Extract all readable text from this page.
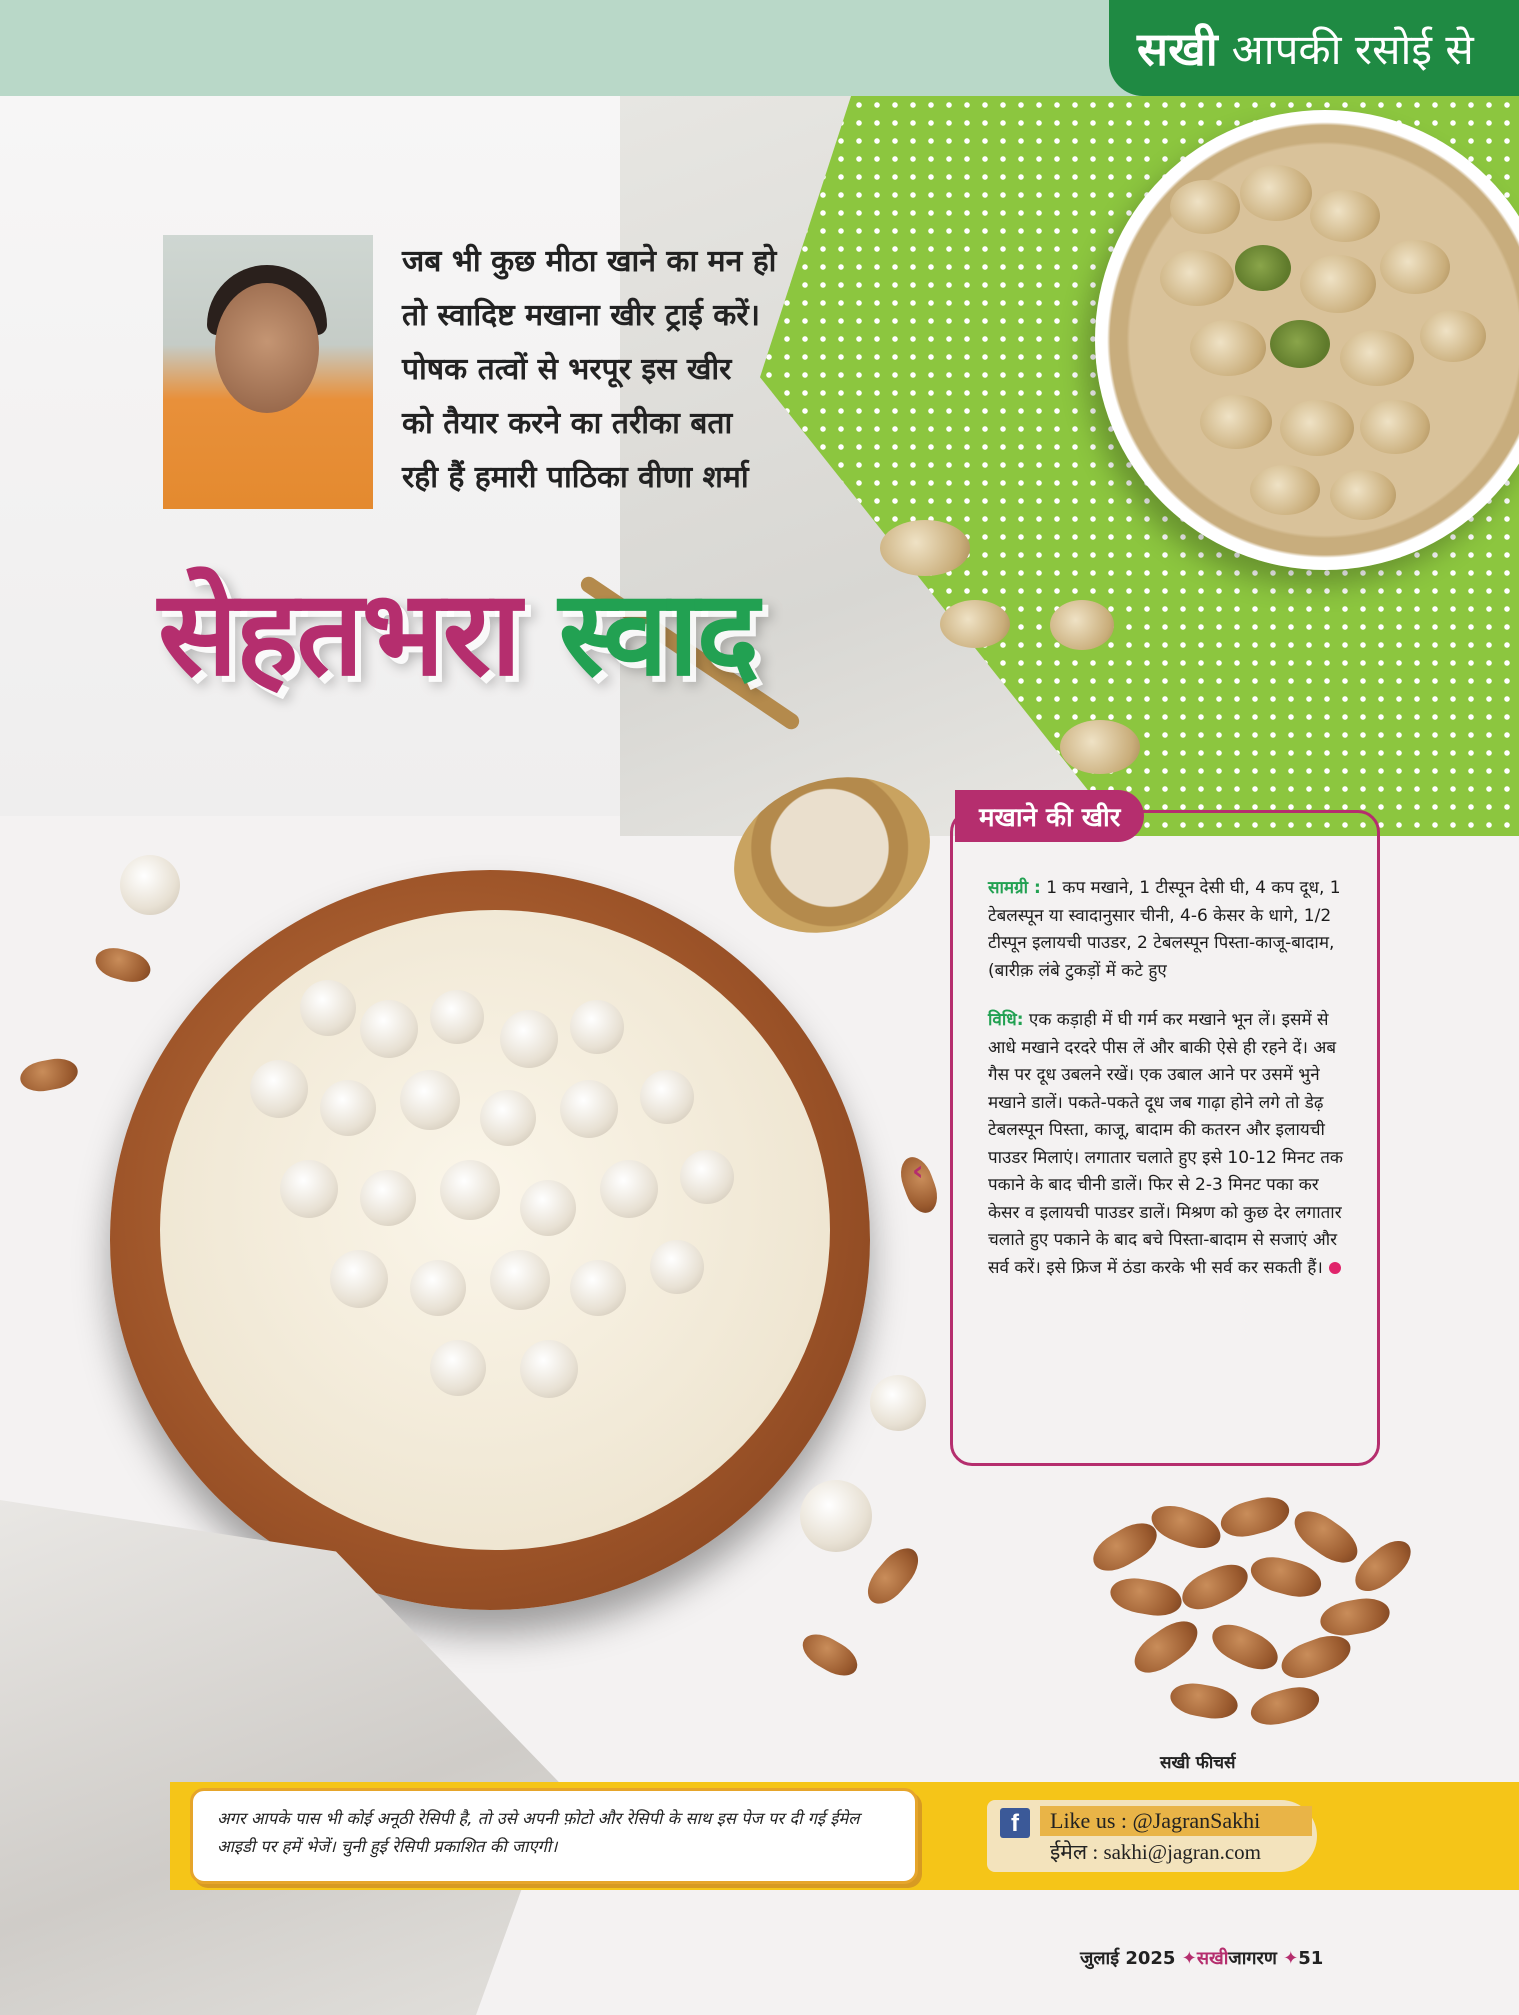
सखी आपकी रसोई से
जब भी कुछ मीठा खाने का मन हो
तो स्वादिष्ट मखाना खीर ट्राई करें।
पोषक तत्वों से भरपूर इस खीर
को तैयार करने का तरीका बता
रही हैं हमारी पाठिका वीणा शर्मा
सेहतभरा स्वाद
मखाने की खीर
‹

सामग्री : 1 कप मखाने, 1 टीस्पून देसी घी, 4 कप दूध, 1 टेबलस्पून या स्वादानुसार चीनी, 4-6 केसर के धागे, 1/2 टीस्पून इलायची पाउडर, 2 टेबलस्पून पिस्ता-काजू-बादाम, (बारीक़ लंबे टुकड़ों में कटे हुए

विधि: एक कड़ाही में घी गर्म कर मखाने भून लें। इसमें से आधे मखाने दरदरे पीस लें और बाकी ऐसे ही रहने दें। अब गैस पर दूध उबलने रखें। एक उबाल आने पर उसमें भुने मखाने डालें। पकते-पकते दूध जब गाढ़ा होने लगे तो डेढ़ टेबलस्पून पिस्ता, काजू, बादाम की कतरन और इलायची पाउडर मिलाएं। लगातार चलाते हुए इसे 10-12 मिनट तक पकाने के बाद चीनी डालें। फिर से 2-3 मिनट पका कर केसर व इलायची पाउडर डालें। मिश्रण को कुछ देर लगातार चलाते हुए पकाने के बाद बचे पिस्ता-बादाम से सजाएं और सर्व करें। इसे फ्रिज में ठंडा करके भी सर्व कर सकती हैं।

सखी फीचर्स
अगर आपके पास भी कोई अनूठी रेसिपी है, तो उसे अपनी फ़ोटो और रेसिपी के साथ इस पेज पर दी गई ईमेल आइडी पर हमें भेजें। चुनी हुई रेसिपी प्रकाशित की जाएगी।
f	Like us : @JagranSakhi
ईमेल : sakhi@jagran.com
जुलाई 2025 ✦सखीजागरण ✦51
